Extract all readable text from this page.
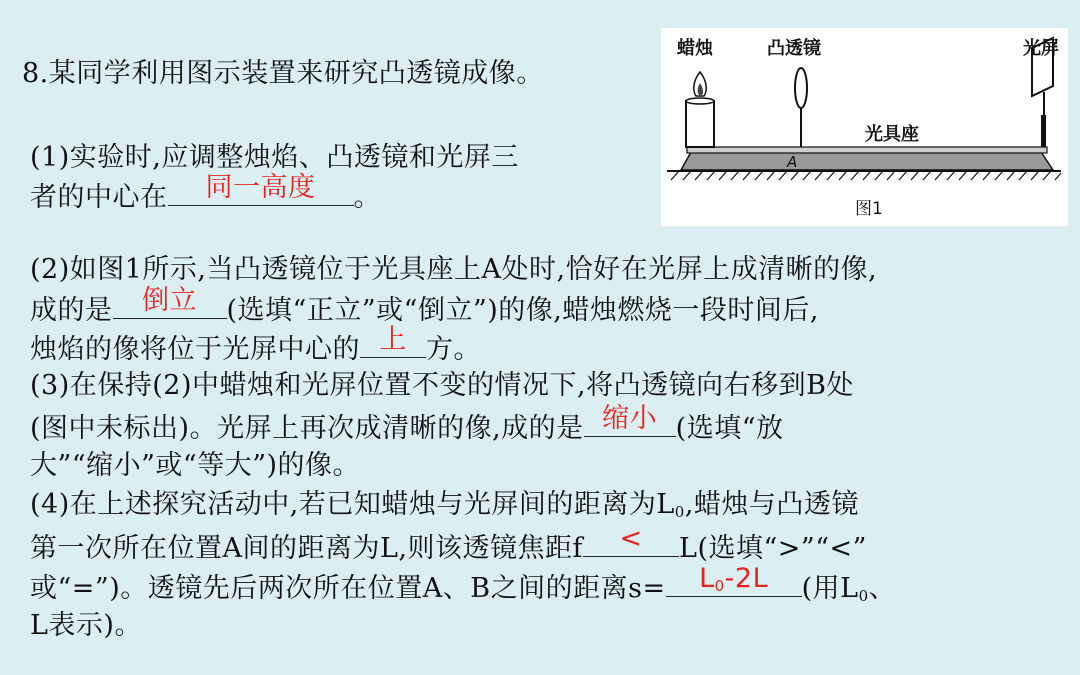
8.某同学利用图示装置来研究凸透镜成像。
(1)实验时,应调整烛焰、凸透镜和光屏三
者的中心在	同一高度	。
(2)如图1所示,当凸透镜位于光具座上A处时,恰好在光屏上成清晰的像,
成的是	倒立	(选填“正立”或“倒立”)的像,蜡烛燃烧一段时间后,
烛焰的像将位于光屏中心的 上 方。
(3)在保持(2)中蜡烛和光屏位置不变的情况下,将凸透镜向右移到B处
(图中未标出)。光屏上再次成清晰的像,成的是 缩小 (选填“放
大”“缩小”或“等大”)的像。
(4)在上述探究活动中,若已知蜡烛与光屏间的距离为$L_0$,蜡烛与凸透镜
第一次所在位置A间的距离为L,则该透镜焦距f	<	L(选填“>”“<”
或“=”)。透镜先后两次所在位置A、B之间的距离s=	$L_0-2L$	(用$L_0$、
L表示)。
蜡烛	凸透镜	光屏
光具座
A
图1
